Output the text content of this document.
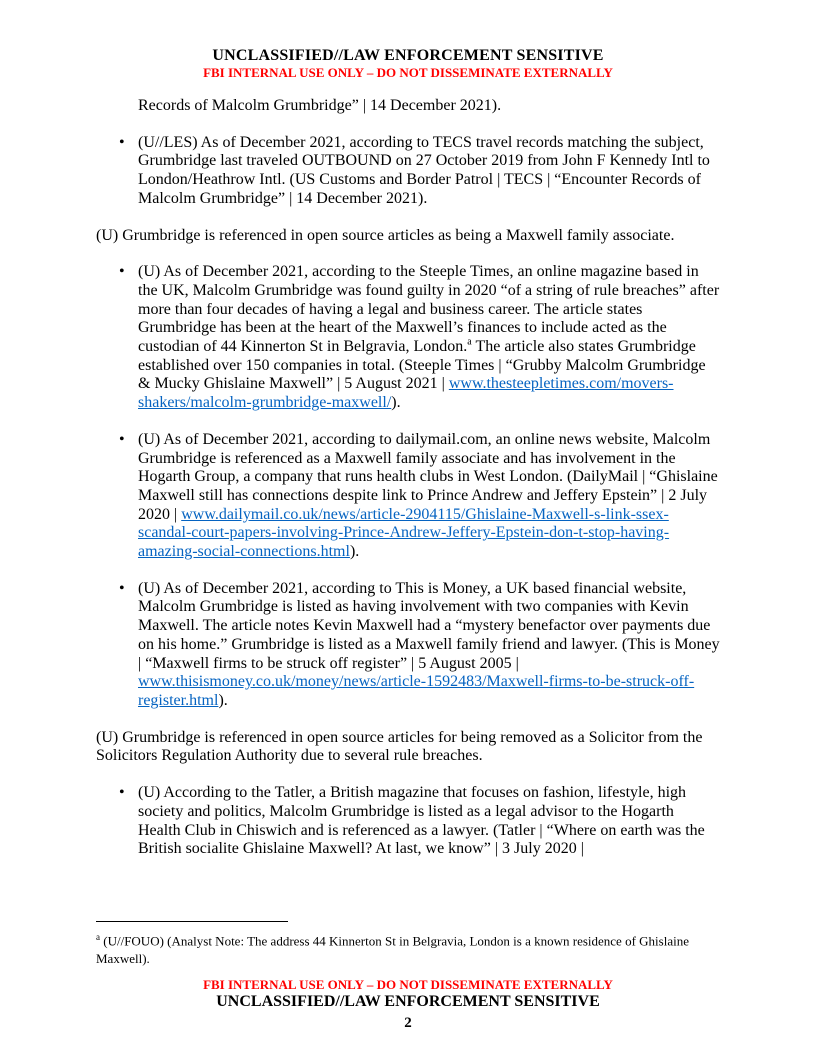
UNCLASSIFIED//LAW ENFORCEMENT SENSITIVE
FBI INTERNAL USE ONLY – DO NOT DISSEMINATE EXTERNALLY
Records of Malcolm Grumbridge” | 14 December 2021).
• (U//LES) As of December 2021, according to TECS travel records matching the subject, Grumbridge last traveled OUTBOUND on 27 October 2019 from John F Kennedy Intl to London/Heathrow Intl. (US Customs and Border Patrol | TECS | “Encounter Records of Malcolm Grumbridge” | 14 December 2021).
(U) Grumbridge is referenced in open source articles as being a Maxwell family associate.
• (U) As of December 2021, according to the Steeple Times, an online magazine based in the UK, Malcolm Grumbridge was found guilty in 2020 “of a string of rule breaches” after more than four decades of having a legal and business career. The article states Grumbridge has been at the heart of the Maxwell’s finances to include acted as the custodian of 44 Kinnerton St in Belgravia, London.$^a$ The article also states Grumbridge established over 150 companies in total. (Steeple Times | “Grubby Malcolm Grumbridge & Mucky Ghislaine Maxwell” | 5 August 2021 | www.thesteepletimes.com/movers-shakers/malcolm-grumbridge-maxwell/).
• (U) As of December 2021, according to dailymail.com, an online news website, Malcolm Grumbridge is referenced as a Maxwell family associate and has involvement in the Hogarth Group, a company that runs health clubs in West London. (DailyMail | “Ghislaine Maxwell still has connections despite link to Prince Andrew and Jeffery Epstein” | 2 July 2020 | www.dailymail.co.uk/news/article-2904115/Ghislaine-Maxwell-s-link-ssex-scandal-court-papers-involving-Prince-Andrew-Jeffery-Epstein-don-t-stop-having-amazing-social-connections.html).
• (U) As of December 2021, according to This is Money, a UK based financial website, Malcolm Grumbridge is listed as having involvement with two companies with Kevin Maxwell. The article notes Kevin Maxwell had a “mystery benefactor over payments due on his home.” Grumbridge is listed as a Maxwell family friend and lawyer. (This is Money | “Maxwell firms to be struck off register” | 5 August 2005 | www.thisismoney.co.uk/money/news/article-1592483/Maxwell-firms-to-be-struck-off-register.html).
(U) Grumbridge is referenced in open source articles for being removed as a Solicitor from the Solicitors Regulation Authority due to several rule breaches.
• (U) According to the Tatler, a British magazine that focuses on fashion, lifestyle, high society and politics, Malcolm Grumbridge is listed as a legal advisor to the Hogarth Health Club in Chiswich and is referenced as a lawyer. (Tatler | “Where on earth was the British socialite Ghislaine Maxwell? At last, we know” | 3 July 2020 |
$^a$ (U//FOUO) (Analyst Note: The address 44 Kinnerton St in Belgravia, London is a known residence of Ghislaine Maxwell).
FBI INTERNAL USE ONLY – DO NOT DISSEMINATE EXTERNALLY
UNCLASSIFIED//LAW ENFORCEMENT SENSITIVE
2
